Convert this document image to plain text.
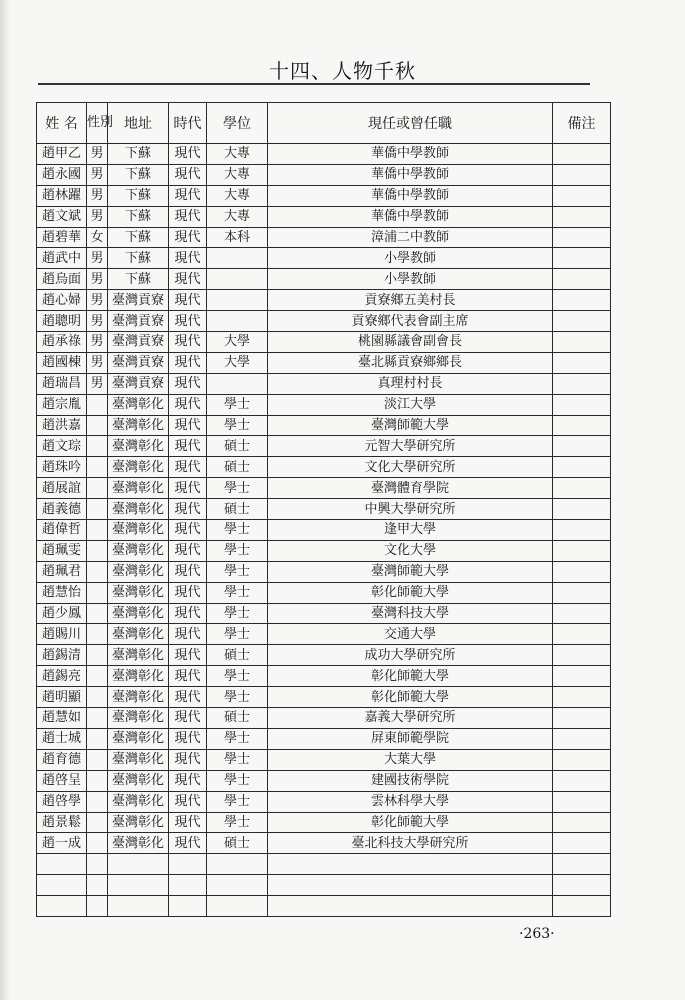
十四、人物千秋
姓 名	性別	地址	時代	學位	現任或曾任職	備注
趙甲乙	男	下蘇	現代	大專	華僑中學教師	
趙永國	男	下蘇	現代	大專	華僑中學教師	
趙林躍	男	下蘇	現代	大專	華僑中學教師	
趙文斌	男	下蘇	現代	大專	華僑中學教師	
趙碧華	女	下蘇	現代	本科	漳浦二中教師	
趙武中	男	下蘇	現代		小學教師	
趙烏面	男	下蘇	現代		小學教師	
趙心婦	男	臺灣貢寮	現代		貢寮鄉五美村長	
趙聰明	男	臺灣貢寮	現代		貢寮鄉代表會副主席	
趙承祿	男	臺灣貢寮	現代	大學	桃園縣議會副會長	
趙國棟	男	臺灣貢寮	現代	大學	臺北縣貢寮鄉鄉長	
趙瑞昌	男	臺灣貢寮	現代		真理村村長	
趙宗胤		臺灣彰化	現代	學士	淡江大學	
趙洪嘉		臺灣彰化	現代	學士	臺灣師範大學	
趙文琮		臺灣彰化	現代	碩士	元智大學研究所	
趙珠吟		臺灣彰化	現代	碩士	文化大學研究所	
趙展誼		臺灣彰化	現代	學士	臺灣體育學院	
趙義德		臺灣彰化	現代	碩士	中興大學研究所	
趙偉哲		臺灣彰化	現代	學士	逢甲大學	
趙珮雯		臺灣彰化	現代	學士	文化大學	
趙珮君		臺灣彰化	現代	學士	臺灣師範大學	
趙慧怡		臺灣彰化	現代	學士	彰化師範大學	
趙少鳳		臺灣彰化	現代	學士	臺灣科技大學	
趙賜川		臺灣彰化	現代	學士	交通大學	
趙錫清		臺灣彰化	現代	碩士	成功大學研究所	
趙錫亮		臺灣彰化	現代	學士	彰化師範大學	
趙明顯		臺灣彰化	現代	學士	彰化師範大學	
趙慧如		臺灣彰化	現代	碩士	嘉義大學研究所	
趙士城		臺灣彰化	現代	學士	屏東師範學院	
趙育德		臺灣彰化	現代	學士	大葉大學	
趙啓呈		臺灣彰化	現代	學士	建國技術學院	
趙啓學		臺灣彰化	現代	學士	雲林科學大學	
趙景鬆		臺灣彰化	現代	學士	彰化師範大學	
趙一成		臺灣彰化	現代	碩士	臺北科技大學研究所	

·263·
